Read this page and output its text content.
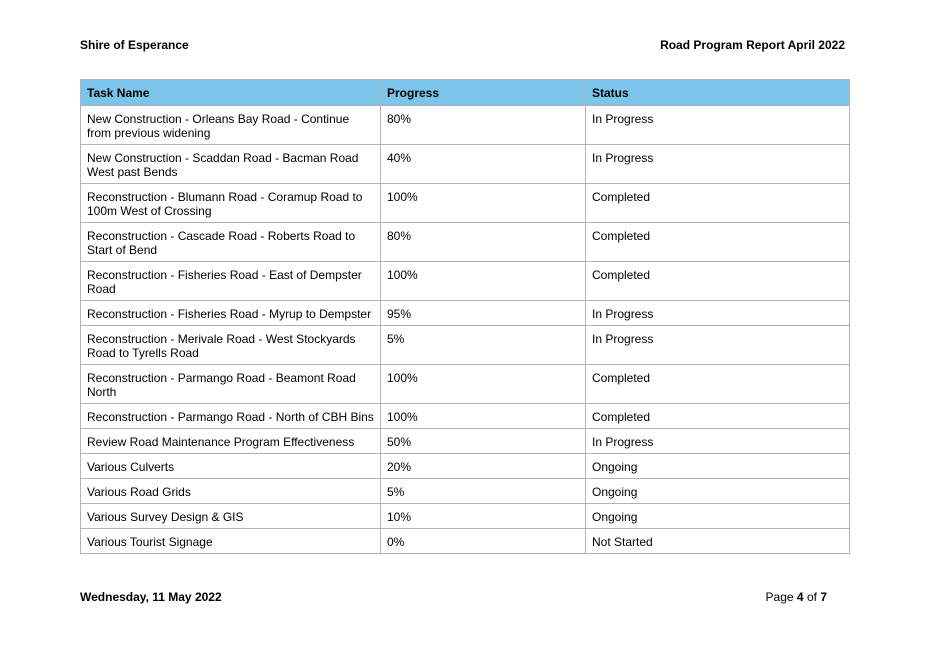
Shire of Esperance	Road Program Report April 2022
Task Name	Progress	Status
New Construction - Orleans Bay Road - Continue from previous widening	80%	In Progress
New Construction - Scaddan Road - Bacman Road West past Bends	40%	In Progress
Reconstruction - Blumann Road - Coramup Road to 100m West of Crossing	100%	Completed
Reconstruction - Cascade Road - Roberts Road to Start of Bend	80%	Completed
Reconstruction - Fisheries Road - East of Dempster Road	100%	Completed
Reconstruction - Fisheries Road - Myrup to Dempster	95%	In Progress
Reconstruction - Merivale Road - West Stockyards Road to Tyrells Road	5%	In Progress
Reconstruction - Parmango Road - Beamont Road North	100%	Completed
Reconstruction - Parmango Road - North of CBH Bins	100%	Completed
Review Road Maintenance Program Effectiveness	50%	In Progress
Various Culverts	20%	Ongoing
Various Road Grids	5%	Ongoing
Various Survey Design & GIS	10%	Ongoing
Various Tourist Signage	0%	Not Started
Wednesday, 11 May 2022	Page 4 of 7
